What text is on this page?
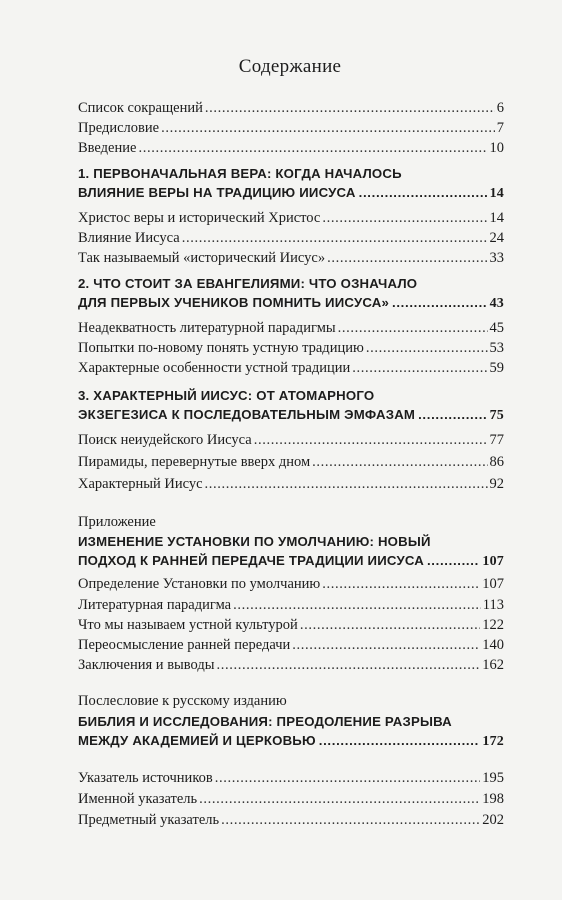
Содержание
Список сокращений . . .	6
Предисловие . . .	7
Введение . . .	10
1. ПЕРВОНАЧАЛЬНАЯ ВЕРА: КОГДА НАЧАЛОСЬ
ВЛИЯНИЕ ВЕРЫ НА ТРАДИЦИЮ ИИСУСА . . .	14
Христос веры и исторический Христос . . .	14
Влияние Иисуса . . .	24
Так называемый «исторический Иисус» . . .	33
2. ЧТО СТОИТ ЗА ЕВАНГЕЛИЯМИ: ЧТО ОЗНАЧАЛО
ДЛЯ ПЕРВЫХ УЧЕНИКОВ ПОМНИТЬ ИИСУСА» . . .	43
Неадекватность литературной парадигмы . . .	45
Попытки по-новому понять устную традицию . . .	53
Характерные особенности устной традиции . . .	59
3. ХАРАКТЕРНЫЙ ИИСУС: ОТ АТОМАРНОГО
ЭКЗЕГЕЗИСА К ПОСЛЕДОВАТЕЛЬНЫМ ЭМФАЗАМ . . .	75
Поиск неиудейского Иисуса . . .	77
Пирамиды, перевернутые вверх дном . . .	86
Характерный Иисус . . .	92
Приложение
ИЗМЕНЕНИЕ УСТАНОВКИ ПО УМОЛЧАНИЮ: НОВЫЙ
ПОДХОД К РАННЕЙ ПЕРЕДАЧЕ ТРАДИЦИИ ИИСУСА . . .	107
Определение Установки по умолчанию . . .	107
Литературная парадигма . . .	113
Что мы называем устной культурой . . .	122
Переосмысление ранней передачи . . .	140
Заключения и выводы . . .	162
Послесловие к русскому изданию
БИБЛИЯ И ИССЛЕДОВАНИЯ: ПРЕОДОЛЕНИЕ РАЗРЫВА
МЕЖДУ АКАДЕМИЕЙ И ЦЕРКОВЬЮ . . .	172
Указатель источников . . .	195
Именной указатель . . .	198
Предметный указатель . . .	202
